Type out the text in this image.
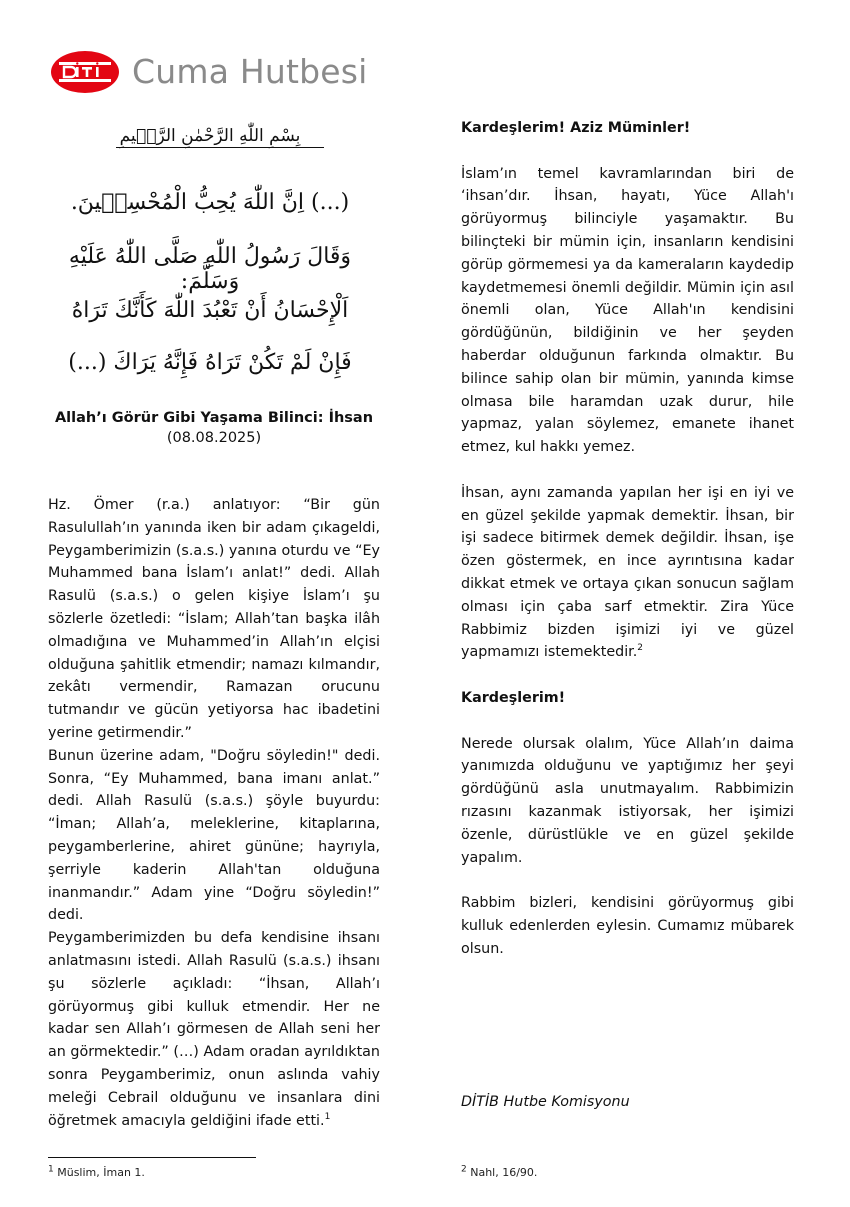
Cuma Hutbesi
بِسْمِ اللّٰهِ الرَّحْمٰنِ الرَّح۪يمِ
(...) اِنَّ اللّٰهَ يُحِبُّ الْمُحْسِن۪ينَ.
وَقَالَ رَسُولُ اللّٰهِ صَلَّى اللّٰهُ عَلَيْهِ وَسَلَّمَ:
اَلْإِحْسَانُ أَنْ تَعْبُدَ اللّٰهَ كَأَنَّكَ تَرَاهُ
فَإِنْ لَمْ تَكُنْ تَرَاهُ فَإِنَّهُ يَرَاكَ (...)
Allah’ı Görür Gibi Yaşama Bilinci: İhsan
(08.08.2025)

Hz. Ömer (r.a.) anlatıyor: “Bir gün Rasulullah’ın yanında iken bir adam çıkageldi, Peygamberimizin (s.a.s.) yanına oturdu ve “Ey Muhammed bana İslam’ı anlat!” dedi. Allah Rasulü (s.a.s.) o gelen kişiye İslam’ı şu sözlerle özetledi: “İslam; Allah’tan başka ilâh olmadığına ve Muhammed’in Allah’ın elçisi olduğuna şahitlik etmendir; namazı kılmandır, zekâtı vermendir, Ramazan orucunu tutmandır ve gücün yetiyorsa hac ibadetini yerine getirmendir.”

Bunun üzerine adam, "Doğru söyledin!" dedi. Sonra, “Ey Muhammed, bana imanı anlat.” dedi. Allah Rasulü (s.a.s.) şöyle buyurdu: “İman; Allah’a, meleklerine, kitaplarına, peygamberlerine, ahiret gününe; hayrıyla, şerriyle kaderin Allah'tan olduğuna inanmandır.” Adam yine “Doğru söyledin!” dedi.

Peygamberimizden bu defa kendisine ihsanı anlatmasını istedi. Allah Rasulü (s.a.s.) ihsanı şu sözlerle açıkladı: “İhsan, Allah’ı görüyormuş gibi kulluk etmendir. Her ne kadar sen Allah’ı görmesen de Allah seni her an görmektedir.” (…) Adam oradan ayrıldıktan sonra Peygamberimiz, onun aslında vahiy meleği Cebrail olduğunu ve insanlara dini öğretmek amacıyla geldiğini ifade etti.$^1$

Kardeşlerim! Aziz Müminler!

İslam’ın temel kavramlarından biri de ‘ihsan’dır. İhsan, hayatı, Yüce Allah'ı görüyormuş bilinciyle yaşamaktır. Bu bilinçteki bir mümin için, insanların kendisini görüp görmemesi ya da kameraların kaydedip kaydetmemesi önemli değildir. Mümin için asıl önemli olan, Yüce Allah'ın kendisini gördüğünün, bildiğinin ve her şeyden haberdar olduğunun farkında olmaktır. Bu bilince sahip olan bir mümin, yanında kimse olmasa bile haramdan uzak durur, hile yapmaz, yalan söylemez, emanete ihanet etmez, kul hakkı yemez.

İhsan, aynı zamanda yapılan her işi en iyi ve en güzel şekilde yapmak demektir. İhsan, bir işi sadece bitirmek demek değildir. İhsan, işe özen göstermek, en ince ayrıntısına kadar dikkat etmek ve ortaya çıkan sonucun sağlam olması için çaba sarf etmektir. Zira Yüce Rabbimiz bizden işimizi iyi ve güzel yapmamızı istemektedir.$^2$

Kardeşlerim!

Nerede olursak olalım, Yüce Allah’ın daima yanımızda olduğunu ve yaptığımız her şeyi gördüğünü asla unutmayalım. Rabbimizin rızasını kazanmak istiyorsak, her işimizi özenle, dürüstlükle ve en güzel şekilde yapalım.

Rabbim bizleri, kendisini görüyormuş gibi kulluk edenlerden eylesin. Cumamız mübarek olsun.

DİTİB Hutbe Komisyonu
$^1$ Müslim, İman 1.	$^2$ Nahl, 16/90.
